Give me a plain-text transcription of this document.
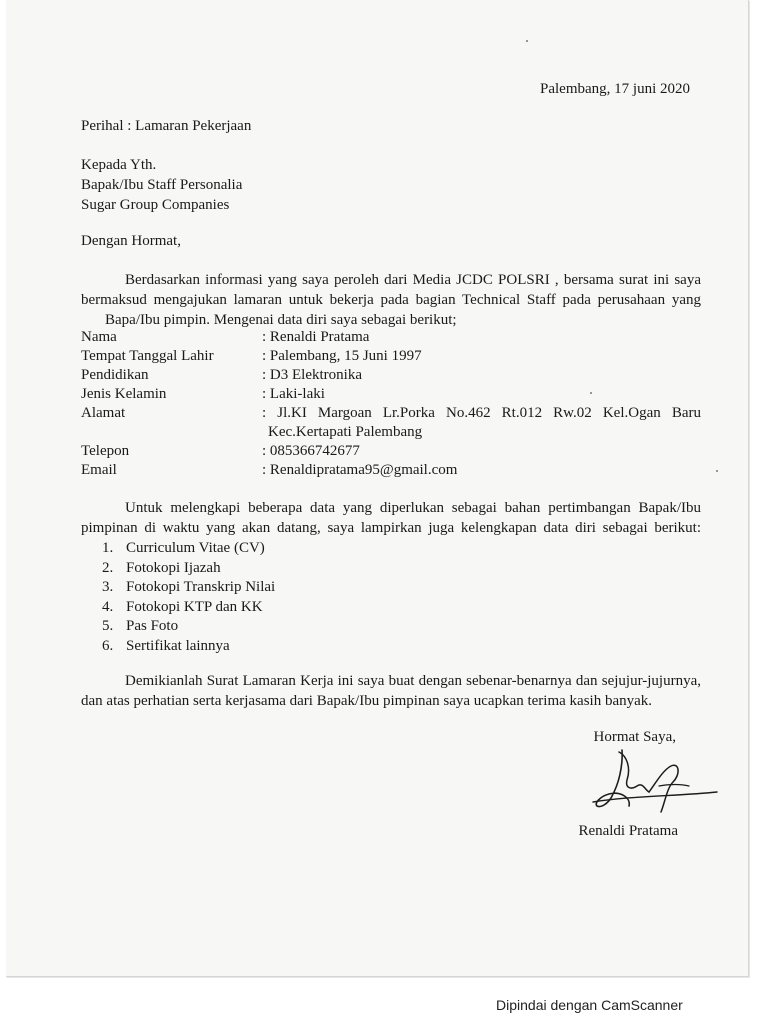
Palembang, 17 juni 2020
Perihal : Lamaran Pekerjaan
Kepada Yth.
Bapak/Ibu Staff Personalia
Sugar Group Companies
Dengan Hormat,
Berdasarkan informasi yang saya peroleh dari Media JCDC POLSRI , bersama surat ini saya
bermaksud mengajukan lamaran untuk bekerja pada bagian Technical Staff pada perusahaan yang
Bapa/Ibu pimpin. Mengenai data diri saya sebagai berikut;
Nama	: Renaldi Pratama
Tempat Tanggal Lahir	: Palembang, 15 Juni 1997
Pendidikan	: D3 Elektronika
Jenis Kelamin	: Laki-laki
Alamat	: Jl.KI Margoan Lr.Porka No.462 Rt.012 Rw.02 Kel.Ogan Baru
Kec.Kertapati Palembang
Telepon	: 085366742677
Email	: Renaldipratama95@gmail.com
Untuk melengkapi beberapa data yang diperlukan sebagai bahan pertimbangan Bapak/Ibu
pimpinan di waktu yang akan datang, saya lampirkan juga kelengkapan data diri sebagai berikut:
1. Curriculum Vitae (CV)
2. Fotokopi Ijazah
3. Fotokopi Transkrip Nilai
4. Fotokopi KTP dan KK
5. Pas Foto
6. Sertifikat lainnya
Demikianlah Surat Lamaran Kerja ini saya buat dengan sebenar-benarnya dan sejujur-jujurnya,
dan atas perhatian serta kerjasama dari Bapak/Ibu pimpinan saya ucapkan terima kasih banyak.
Hormat Saya,
Renaldi Pratama
Dipindai dengan CamScanner
